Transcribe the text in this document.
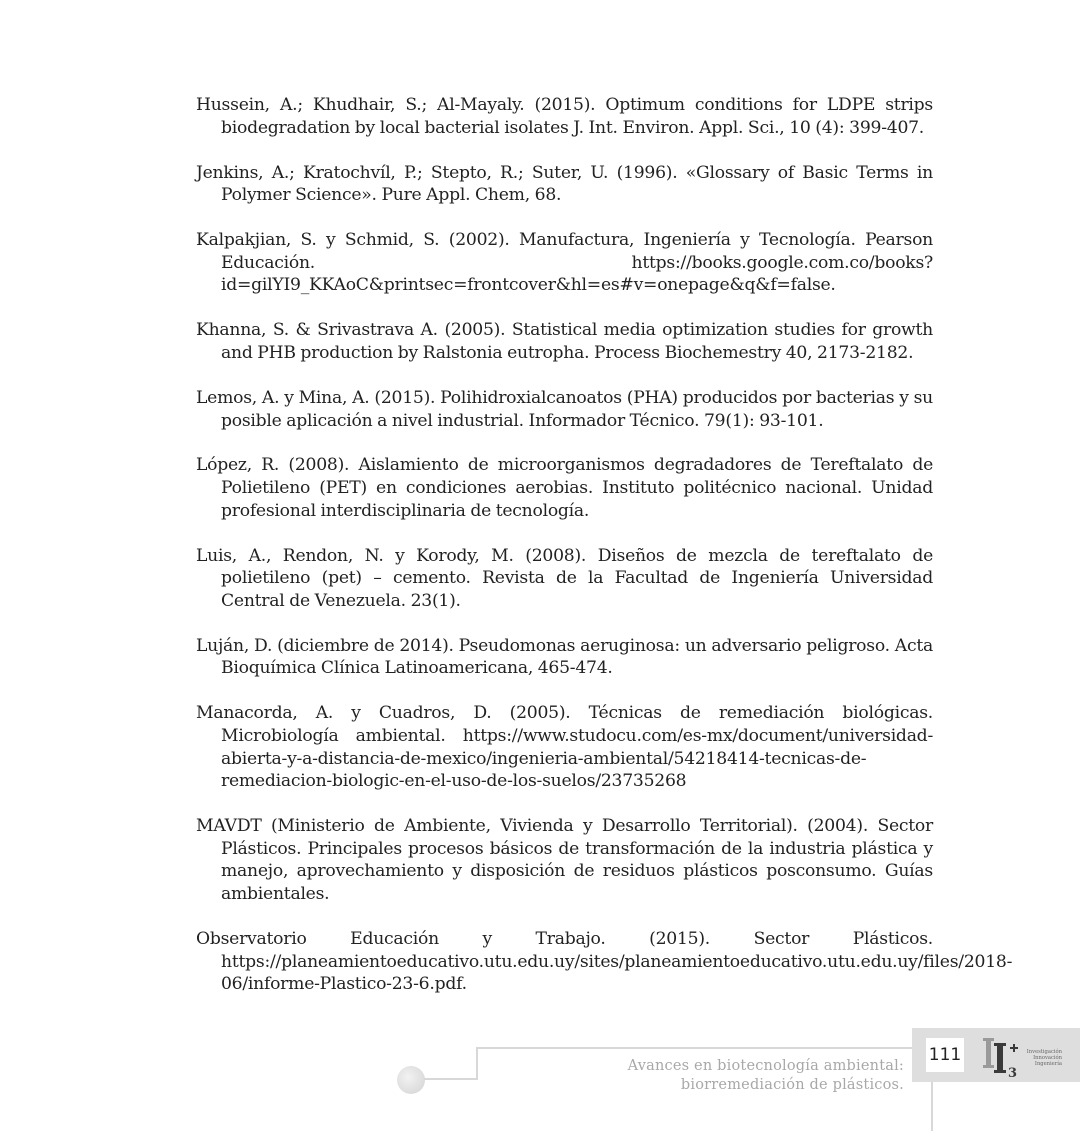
Hussein, A.; Khudhair, S.; Al-Mayaly. (2015). Optimum conditions for LDPE strips biodegradation by local bacterial isolates J. Int. Environ. Appl. Sci., 10 (4): 399-407.

Jenkins, A.; Kratochvíl, P.; Stepto, R.; Suter, U. (1996). «Glossary of Basic Terms in Polymer Science». Pure Appl. Chem, 68.

Kalpakjian, S. y Schmid, S. (2002). Manufactura, Ingeniería y Tecnología. Pearson Educación. https://books.google.com.co/books?id=gilYI9_KKAoC&printsec=frontcover&hl=es#v=onepage&q&f=false.

Khanna, S. & Srivastrava A. (2005). Statistical media optimization studies for growth and PHB production by Ralstonia eutropha. Process Biochemestry 40, 2173-2182.

Lemos, A. y Mina, A. (2015). Polihidroxialcanoatos (PHA) producidos por bacterias y su posible aplicación a nivel industrial. Informador Técnico. 79(1): 93-101.

López, R. (2008). Aislamiento de microorganismos degradadores de Tereftalato de Polietileno (PET) en condiciones aerobias. Instituto politécnico nacional. Unidad profesional interdisciplinaria de tecnología.

Luis, A., Rendon, N. y Korody, M. (2008). Diseños de mezcla de tereftalato de polietileno (pet) – cemento. Revista de la Facultad de Ingeniería Universidad Central de Venezuela. 23(1).

Luján, D. (diciembre de 2014). Pseudomonas aeruginosa: un adversario peligroso. Acta Bioquímica Clínica Latinoamericana, 465-474.

Manacorda, A. y Cuadros, D. (2005). Técnicas de remediación biológicas. Microbiología ambiental. https://www.studocu.com/es-mx/document/universidad-abierta-y-a-distancia-de-mexico/ingenieria-ambiental/54218414-tecnicas-de-remediacion-biologic-en-el-uso-de-los-suelos/23735268

MAVDT (Ministerio de Ambiente, Vivienda y Desarrollo Territorial). (2004). Sector Plásticos. Principales procesos básicos de transformación de la industria plástica y manejo, aprovechamiento y disposición de residuos plásticos posconsumo. Guías ambientales.

Observatorio Educación y Trabajo. (2015). Sector Plásticos. https://planeamientoeducativo.utu.edu.uy/sites/planeamientoeducativo.utu.edu.uy/files/2018-06/informe-Plastico-23-6.pdf.

Avances en biotecnología ambiental:
biorremediación de plásticos.
111
3
Investigación
Innovación
Ingeniería
